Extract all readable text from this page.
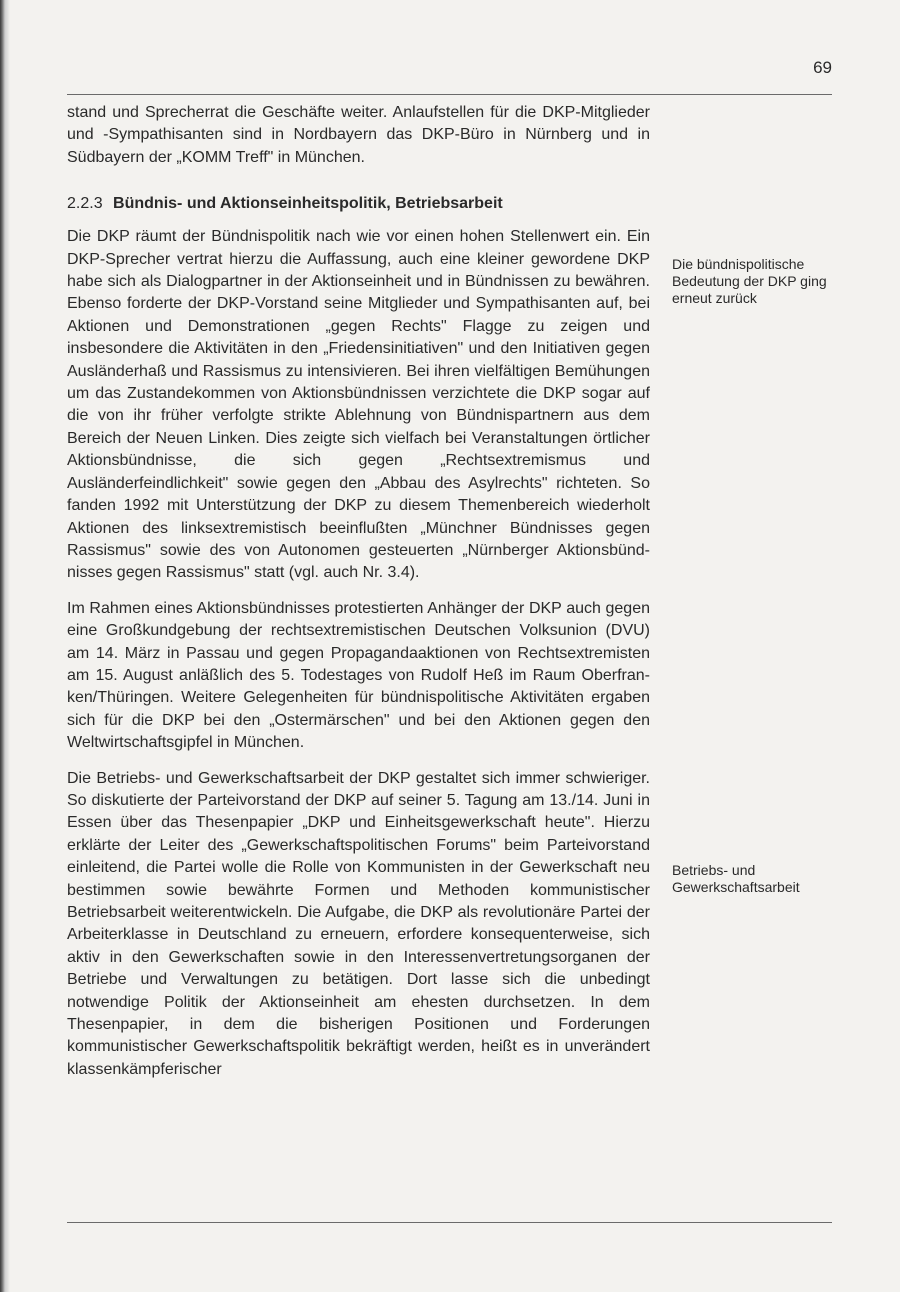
69

stand und Sprecherrat die Geschäfte weiter. Anlaufstellen für die DKP-Mitglieder und -Sympathisanten sind in Nordbayern das DKP-Büro in Nürnberg und in Südbayern der „KOMM Treff" in München.

2.2.3 Bündnis- und Aktionseinheitspolitik, Betriebsarbeit

Die DKP räumt der Bündnispolitik nach wie vor einen hohen Stellenwert ein. Ein DKP-Sprecher vertrat hierzu die Auffassung, auch eine kleiner gewordene DKP habe sich als Dialogpartner in der Aktionseinheit und in Bündnissen zu bewähren. Ebenso forderte der DKP-Vorstand seine Mitglieder und Sympathisanten auf, bei Aktionen und Demonstrationen „gegen Rechts" Flagge zu zeigen und insbesondere die Aktivitäten in den „Friedensinitiativen" und den Initiativen gegen Ausländerhaß und Rassismus zu intensivieren. Bei ihren vielfältigen Bemühungen um das Zustandekommen von Aktionsbündnissen verzichtete die DKP sogar auf die von ihr früher verfolgte strikte Ablehnung von Bündnispartnern aus dem Bereich der Neuen Linken. Dies zeigte sich vielfach bei Veranstaltungen örtlicher Aktionsbündnisse, die sich gegen „Rechtsextremismus und Ausländerfeindlichkeit" sowie gegen den „Abbau des Asylrechts" richteten. So fanden 1992 mit Unterstützung der DKP zu diesem Themenbereich wiederholt Aktionen des linksextremistisch beeinflußten „Münchner Bündnisses gegen Rassismus" sowie des von Autonomen gesteuerten „Nürnberger Aktionsbündnisses gegen Rassismus" statt (vgl. auch Nr. 3.4).

Im Rahmen eines Aktionsbündnisses protestierten Anhänger der DKP auch gegen eine Großkundgebung der rechtsextremistischen Deutschen Volksunion (DVU) am 14. März in Passau und gegen Propagandaaktionen von Rechtsextremisten am 15. August anläßlich des 5. Todestages von Rudolf Heß im Raum Oberfranken/Thüringen. Weitere Gelegenheiten für bündnispolitische Aktivitäten ergaben sich für die DKP bei den „Ostermärschen" und bei den Aktionen gegen den Weltwirtschaftsgipfel in München.

Die Betriebs- und Gewerkschaftsarbeit der DKP gestaltet sich immer schwieriger. So diskutierte der Parteivorstand der DKP auf seiner 5. Tagung am 13./14. Juni in Essen über das Thesenpapier „DKP und Einheitsgewerkschaft heute". Hierzu erklärte der Leiter des „Gewerkschaftspolitischen Forums" beim Parteivorstand einleitend, die Partei wolle die Rolle von Kommunisten in der Gewerkschaft neu bestimmen sowie bewährte Formen und Methoden kommunistischer Betriebsarbeit weiterentwickeln. Die Aufgabe, die DKP als revolutionäre Partei der Arbeiterklasse in Deutschland zu erneuern, erfordere konsequenterweise, sich aktiv in den Gewerkschaften sowie in den Interessenvertretungsorganen der Betriebe und Verwaltungen zu betätigen. Dort lasse sich die unbedingt notwendige Politik der Aktionseinheit am ehesten durchsetzen. In dem Thesenpapier, in dem die bisherigen Positionen und Forderungen kommunistischer Gewerkschaftspolitik bekräftigt werden, heißt es in unverändert klassenkämpferischer

Die bündnispolitische Bedeutung der DKP ging erneut zurück
Betriebs- und Gewerkschaftsarbeit
